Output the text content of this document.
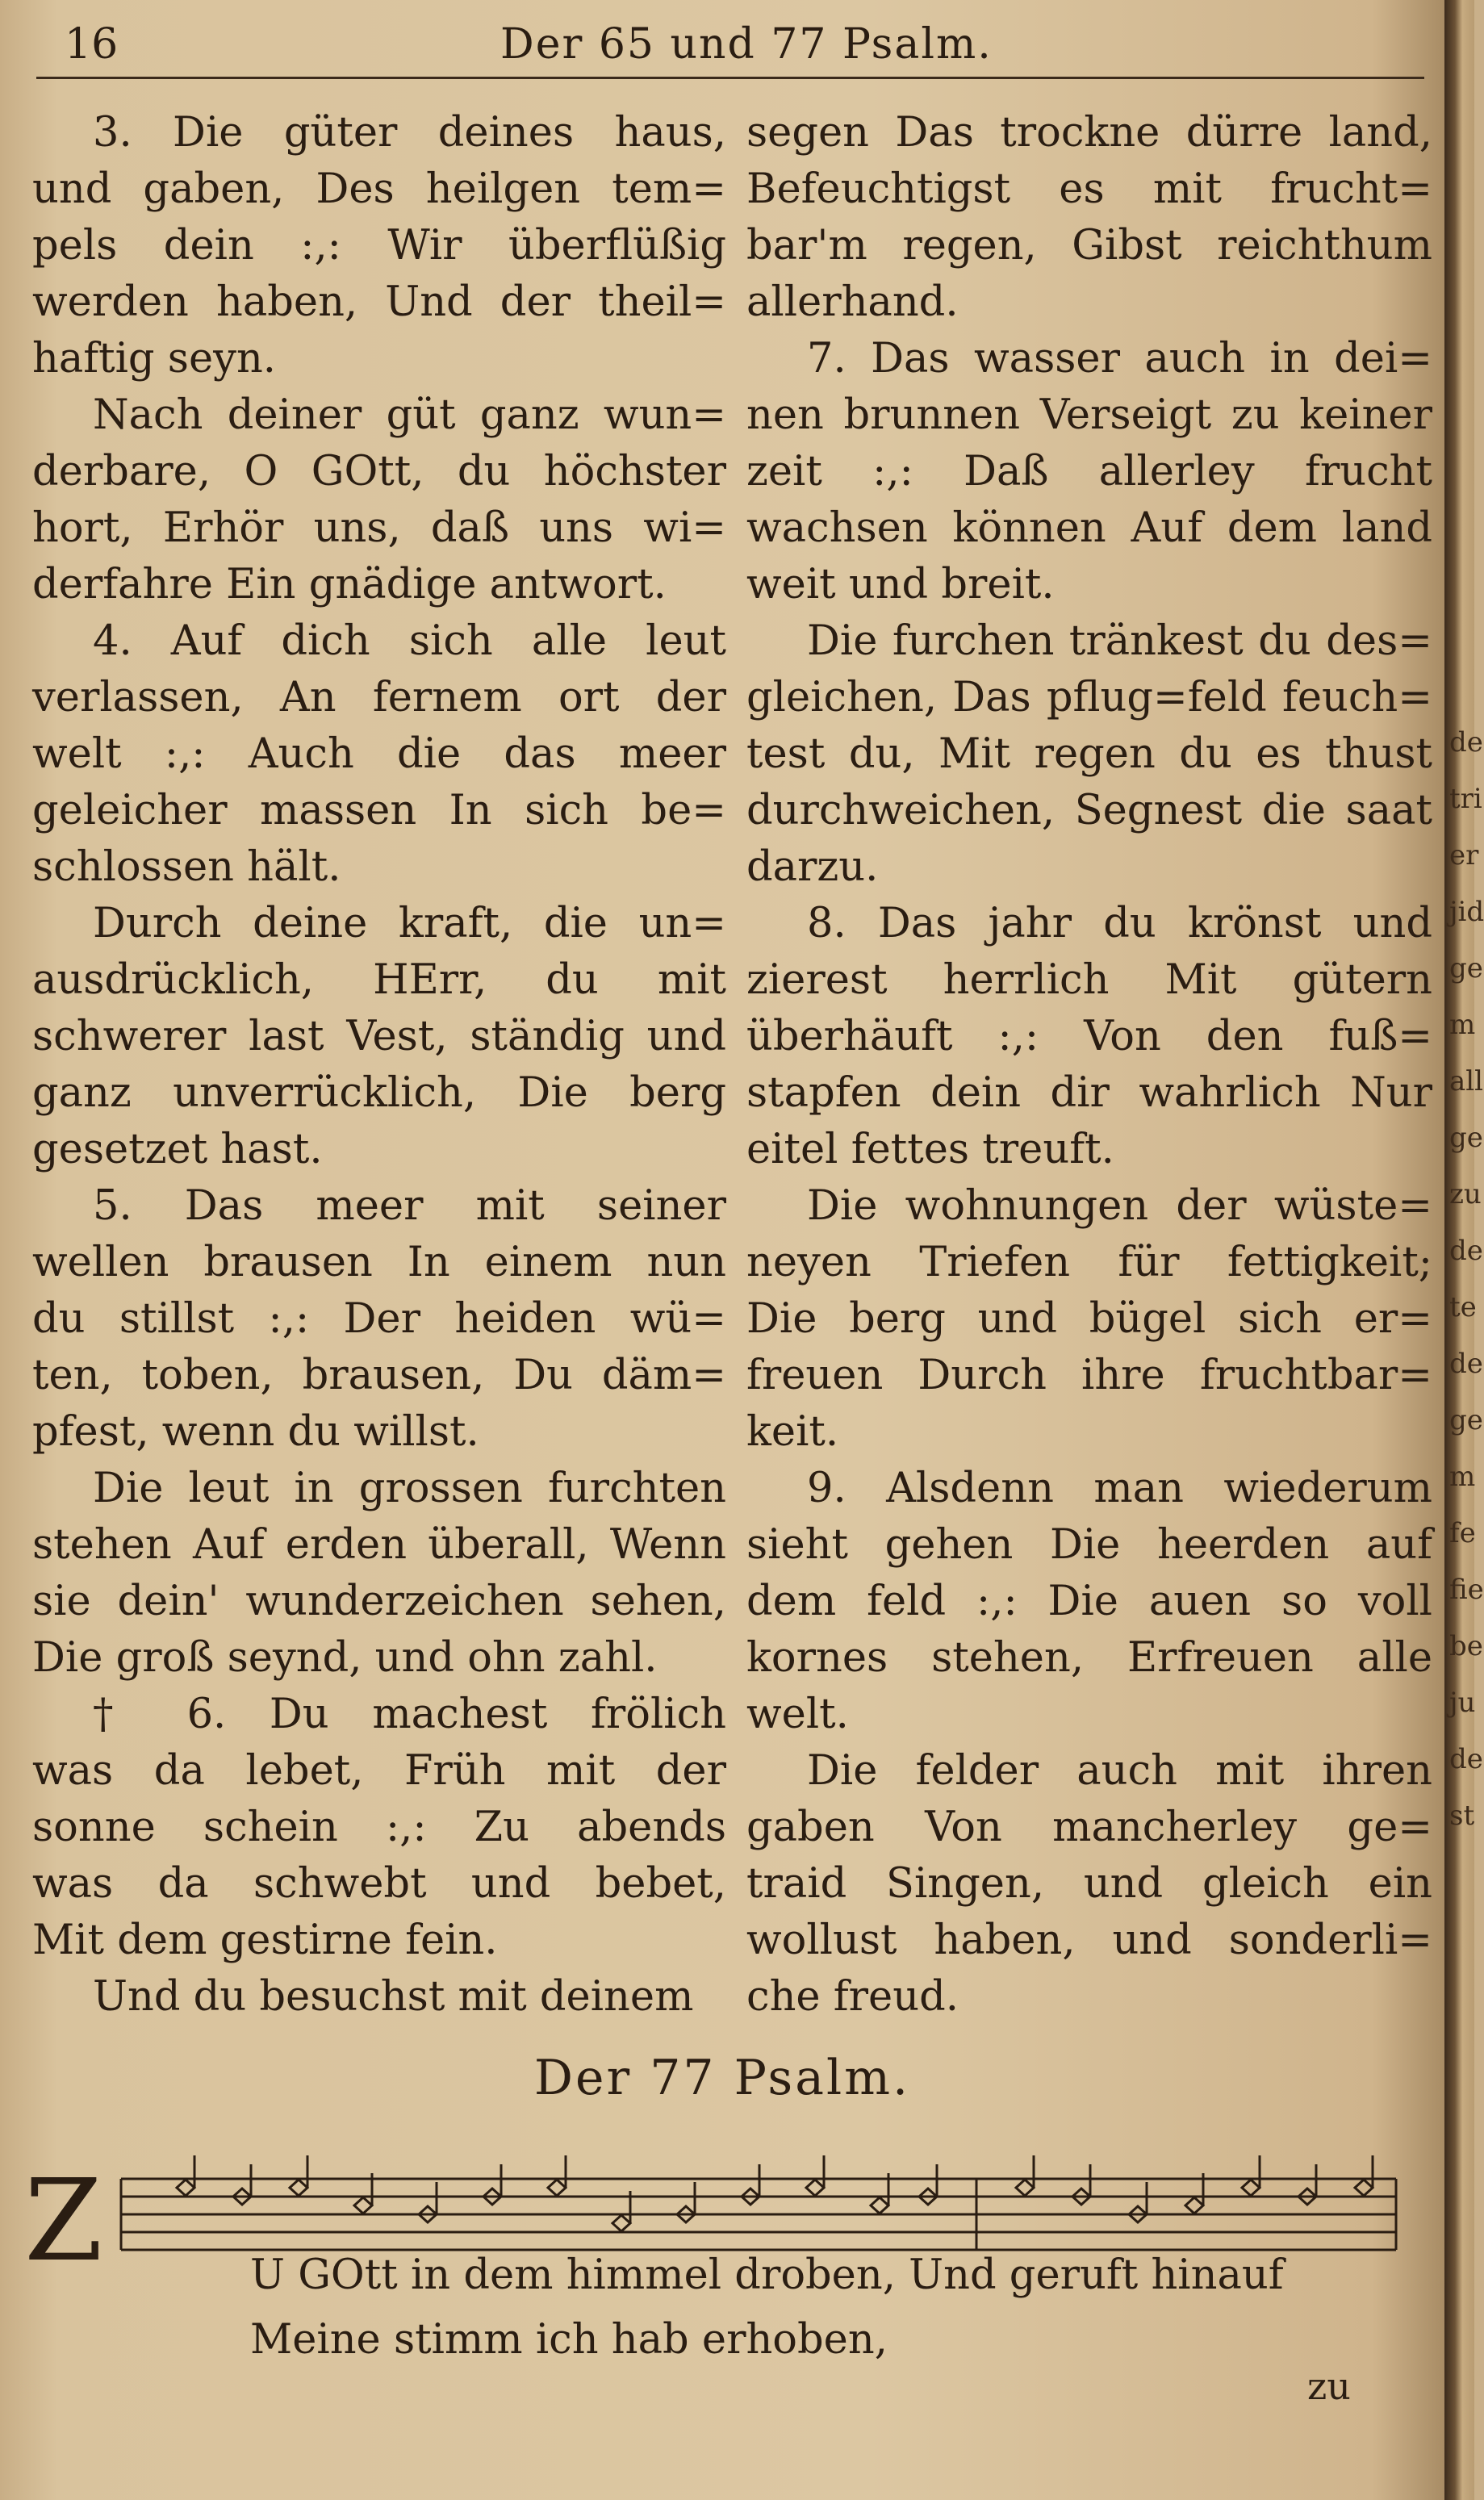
16	Der 65 und 77 Psalm.
3. Die güter deines haus,
und gaben, Des heilgen tem=
pels dein :,: Wir überflüßig
werden haben, Und der theil=
haftig seyn.
Nach deiner güt ganz wun=
derbare, O GOtt, du höchster
hort, Erhör uns, daß uns wi=
derfahre Ein gnädige antwort.
4. Auf dich sich alle leut
verlassen, An fernem ort der
welt :,: Auch die das meer
geleicher massen In sich be=
schlossen hält.
Durch deine kraft, die un=
ausdrücklich, HErr, du mit
schwerer last Vest, ständig und
ganz unverrücklich, Die berg
gesetzet hast.
5. Das meer mit seiner
wellen brausen In einem nun
du stillst :,: Der heiden wü=
ten, toben, brausen, Du däm=
pfest, wenn du willst.
Die leut in grossen furchten
stehen Auf erden überall, Wenn
sie dein' wunderzeichen sehen,
Die groß seynd, und ohn zahl.
† 6. Du machest frölich
was da lebet, Früh mit der
sonne schein :,: Zu abends
was da schwebt und bebet,
Mit dem gestirne fein.
Und du besuchst mit deinem
segen Das trockne dürre land,
Befeuchtigst es mit frucht=
bar'm regen, Gibst reichthum
allerhand.
7. Das wasser auch in dei=
nen brunnen Verseigt zu keiner
zeit :,: Daß allerley frucht
wachsen können Auf dem land
weit und breit.
Die furchen tränkest du des=
gleichen, Das pflug=feld feuch=
test du, Mit regen du es thust
durchweichen, Segnest die saat
darzu.
8. Das jahr du krönst und
zierest herrlich Mit gütern
überhäuft :,: Von den fuß=
stapfen dein dir wahrlich Nur
eitel fettes treuft.
Die wohnungen der wüste=
neyen Triefen für fettigkeit;
Die berg und bügel sich er=
freuen Durch ihre fruchtbar=
keit.
9. Alsdenn man wiederum
sieht gehen Die heerden auf
dem feld :,: Die auen so voll
kornes stehen, Erfreuen alle
welt.
Die felder auch mit ihren
gaben Von mancherley ge=
traid Singen, und gleich ein
wollust haben, und sonderli=
che freud.
Der 77 Psalm.
Z	U GOtt in dem himmel droben, Und geruft hinauf
Meine stimm ich hab erhoben,
zu
de
tri
er
jid
ge
m
all
ge
zu
de
te
de
ge
m
fe
fie
be
ju
de
st
